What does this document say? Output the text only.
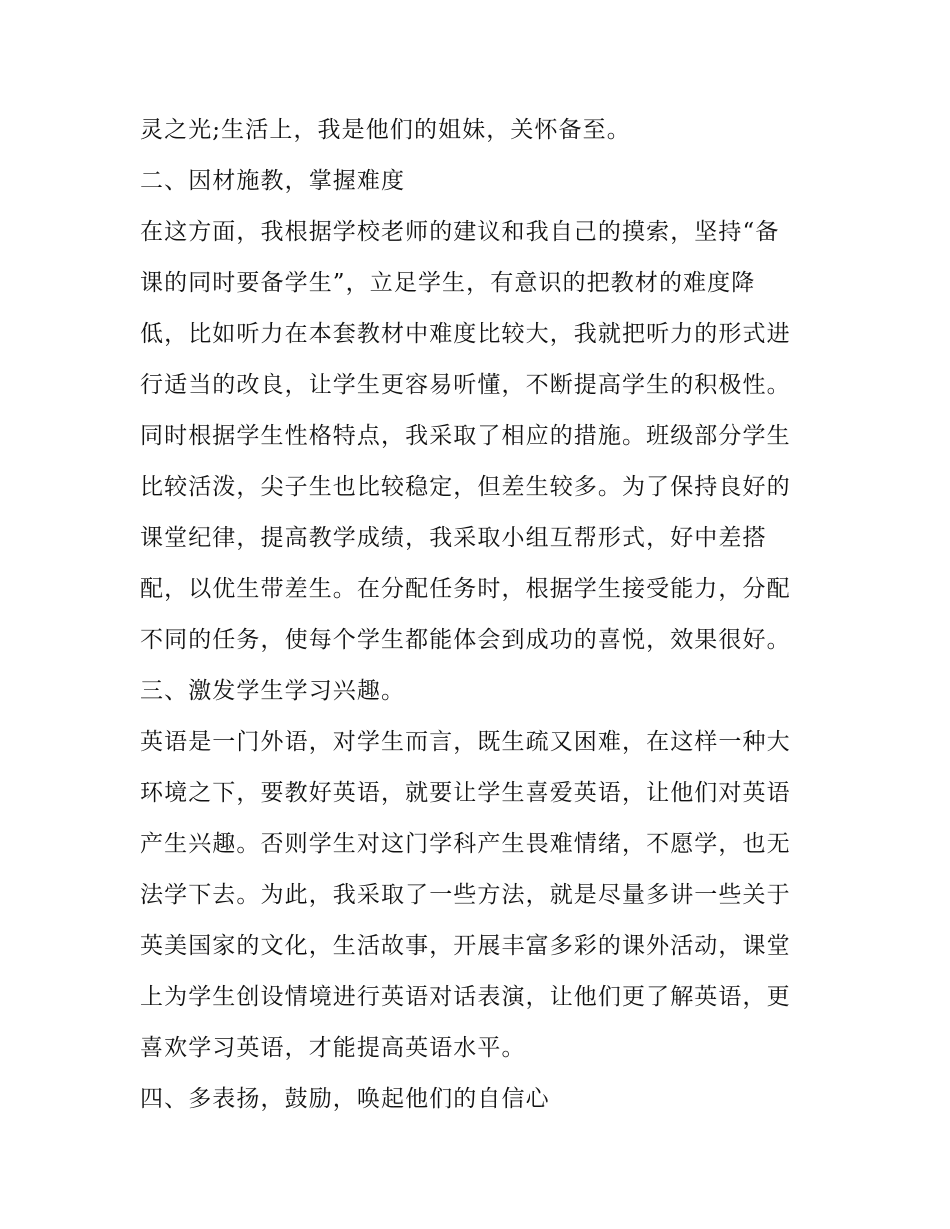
灵之光;生活上，我是他们的姐妹，关怀备至。
二、因材施教，掌握难度
在这方面，我根据学校老师的建议和我自己的摸索，坚持“备
课的同时要备学生”，立足学生，有意识的把教材的难度降
低，比如听力在本套教材中难度比较大，我就把听力的形式进
行适当的改良，让学生更容易听懂，不断提高学生的积极性。
同时根据学生性格特点，我采取了相应的措施。班级部分学生
比较活泼，尖子生也比较稳定，但差生较多。为了保持良好的
课堂纪律，提高教学成绩，我采取小组互帮形式，好中差搭
配，以优生带差生。在分配任务时，根据学生接受能力，分配
不同的任务，使每个学生都能体会到成功的喜悦，效果很好。
三、激发学生学习兴趣。
英语是一门外语，对学生而言，既生疏又困难，在这样一种大
环境之下，要教好英语，就要让学生喜爱英语，让他们对英语
产生兴趣。否则学生对这门学科产生畏难情绪，不愿学，也无
法学下去。为此，我采取了一些方法，就是尽量多讲一些关于
英美国家的文化，生活故事，开展丰富多彩的课外活动，课堂
上为学生创设情境进行英语对话表演，让他们更了解英语，更
喜欢学习英语，才能提高英语水平。
四、多表扬，鼓励，唤起他们的自信心
